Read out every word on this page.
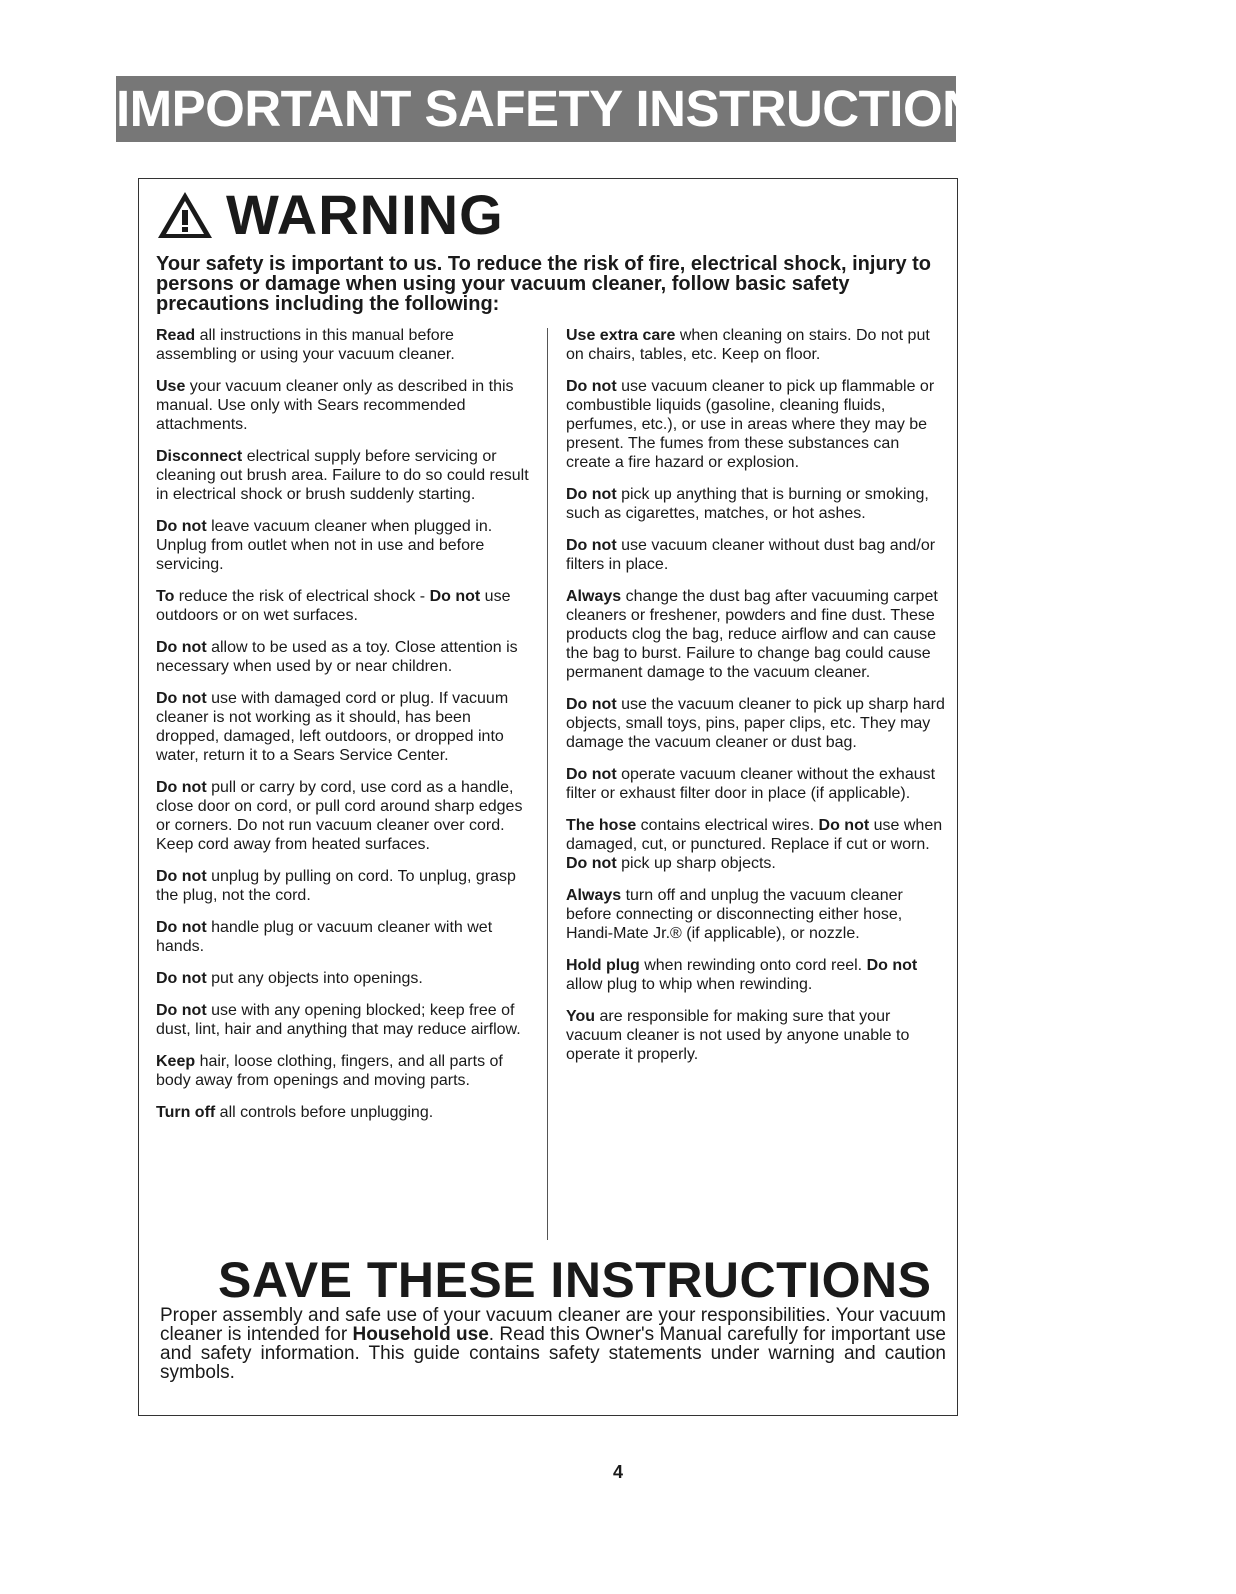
IMPORTANT SAFETY INSTRUCTIONS
WARNING

Your safety is important to us. To reduce the risk of fire, electrical shock, injury to persons or damage when using your vacuum cleaner, follow basic safety precautions including the following:

Read all instructions in this manual before assembling or using your vacuum cleaner.

Use your vacuum cleaner only as described in this manual. Use only with Sears recommended attachments.

Disconnect electrical supply before servicing or cleaning out brush area. Failure to do so could result in electrical shock or brush suddenly starting.

Do not leave vacuum cleaner when plugged in. Unplug from outlet when not in use and before servicing.

To reduce the risk of electrical shock - Do not use outdoors or on wet surfaces.

Do not allow to be used as a toy. Close attention is necessary when used by or near children.

Do not use with damaged cord or plug. If vacuum cleaner is not working as it should, has been dropped, damaged, left outdoors, or dropped into water, return it to a Sears Service Center.

Do not pull or carry by cord, use cord as a handle, close door on cord, or pull cord around sharp edges or corners. Do not run vacuum cleaner over cord. Keep cord away from heated surfaces.

Do not unplug by pulling on cord. To unplug, grasp the plug, not the cord.

Do not handle plug or vacuum cleaner with wet hands.

Do not put any objects into openings.

Do not use with any opening blocked; keep free of dust, lint, hair and anything that may reduce airflow.

Keep hair, loose clothing, fingers, and all parts of body away from openings and moving parts.

Turn off all controls before unplugging.

Use extra care when cleaning on stairs. Do not put on chairs, tables, etc. Keep on floor.

Do not use vacuum cleaner to pick up flammable or combustible liquids (gasoline, cleaning fluids, perfumes, etc.), or use in areas where they may be present. The fumes from these substances can create a fire hazard or explosion.

Do not pick up anything that is burning or smoking, such as cigarettes, matches, or hot ashes.

Do not use vacuum cleaner without dust bag and/or filters in place.

Always change the dust bag after vacuuming carpet cleaners or freshener, powders and fine dust. These products clog the bag, reduce airflow and can cause the bag to burst. Failure to change bag could cause permanent damage to the vacuum cleaner.

Do not use the vacuum cleaner to pick up sharp hard objects, small toys, pins, paper clips, etc. They may damage the vacuum cleaner or dust bag.

Do not operate vacuum cleaner without the exhaust filter or exhaust filter door in place (if applicable).

The hose contains electrical wires. Do not use when damaged, cut, or punctured. Replace if cut or worn. Do not pick up sharp objects.

Always turn off and unplug the vacuum cleaner before connecting or disconnecting either hose, Handi-Mate Jr.® (if applicable), or nozzle.

Hold plug when rewinding onto cord reel. Do not allow plug to whip when rewinding.

You are responsible for making sure that your vacuum cleaner is not used by anyone unable to operate it properly.

SAVE THESE INSTRUCTIONS

Proper assembly and safe use of your vacuum cleaner are your responsibilities. Your vacuum cleaner is intended for Household use. Read this Owner's Manual carefully for important use and safety information. This guide contains safety statements under warning and caution symbols.

4
